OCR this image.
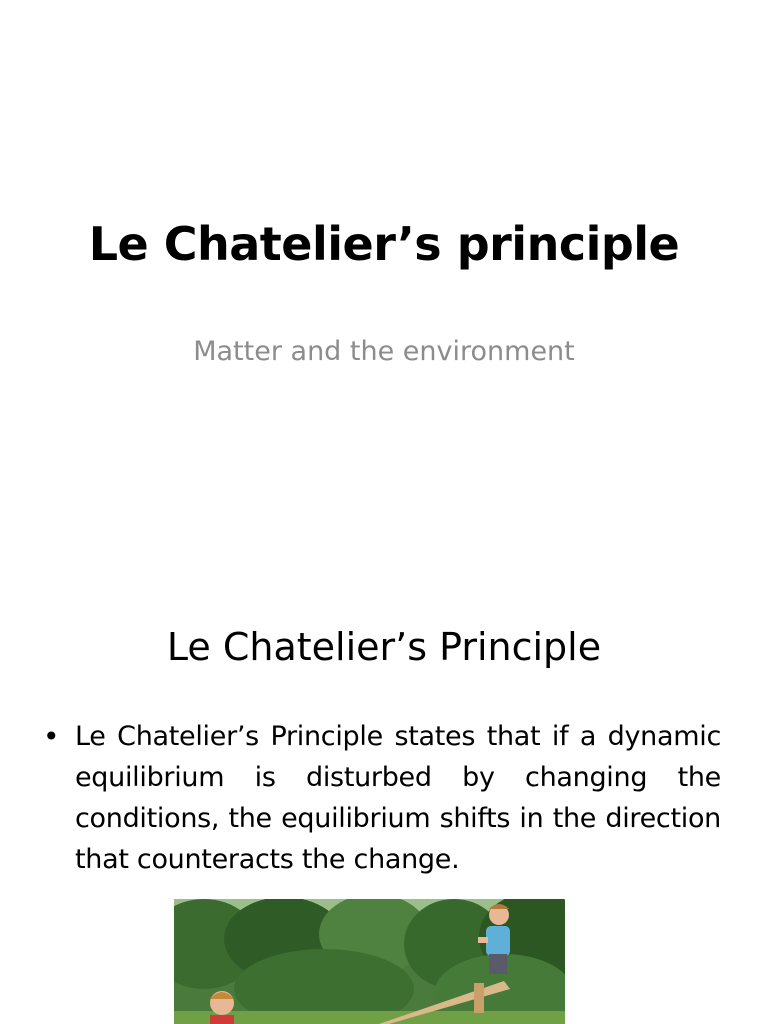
Le Chatelier’s principle
Matter and the environment
Le Chatelier’s Principle
• Le Chatelier’s Principle states that if a dynamic equilibrium is disturbed by changing the conditions, the equilibrium shifts in the direction that counteracts the change.
